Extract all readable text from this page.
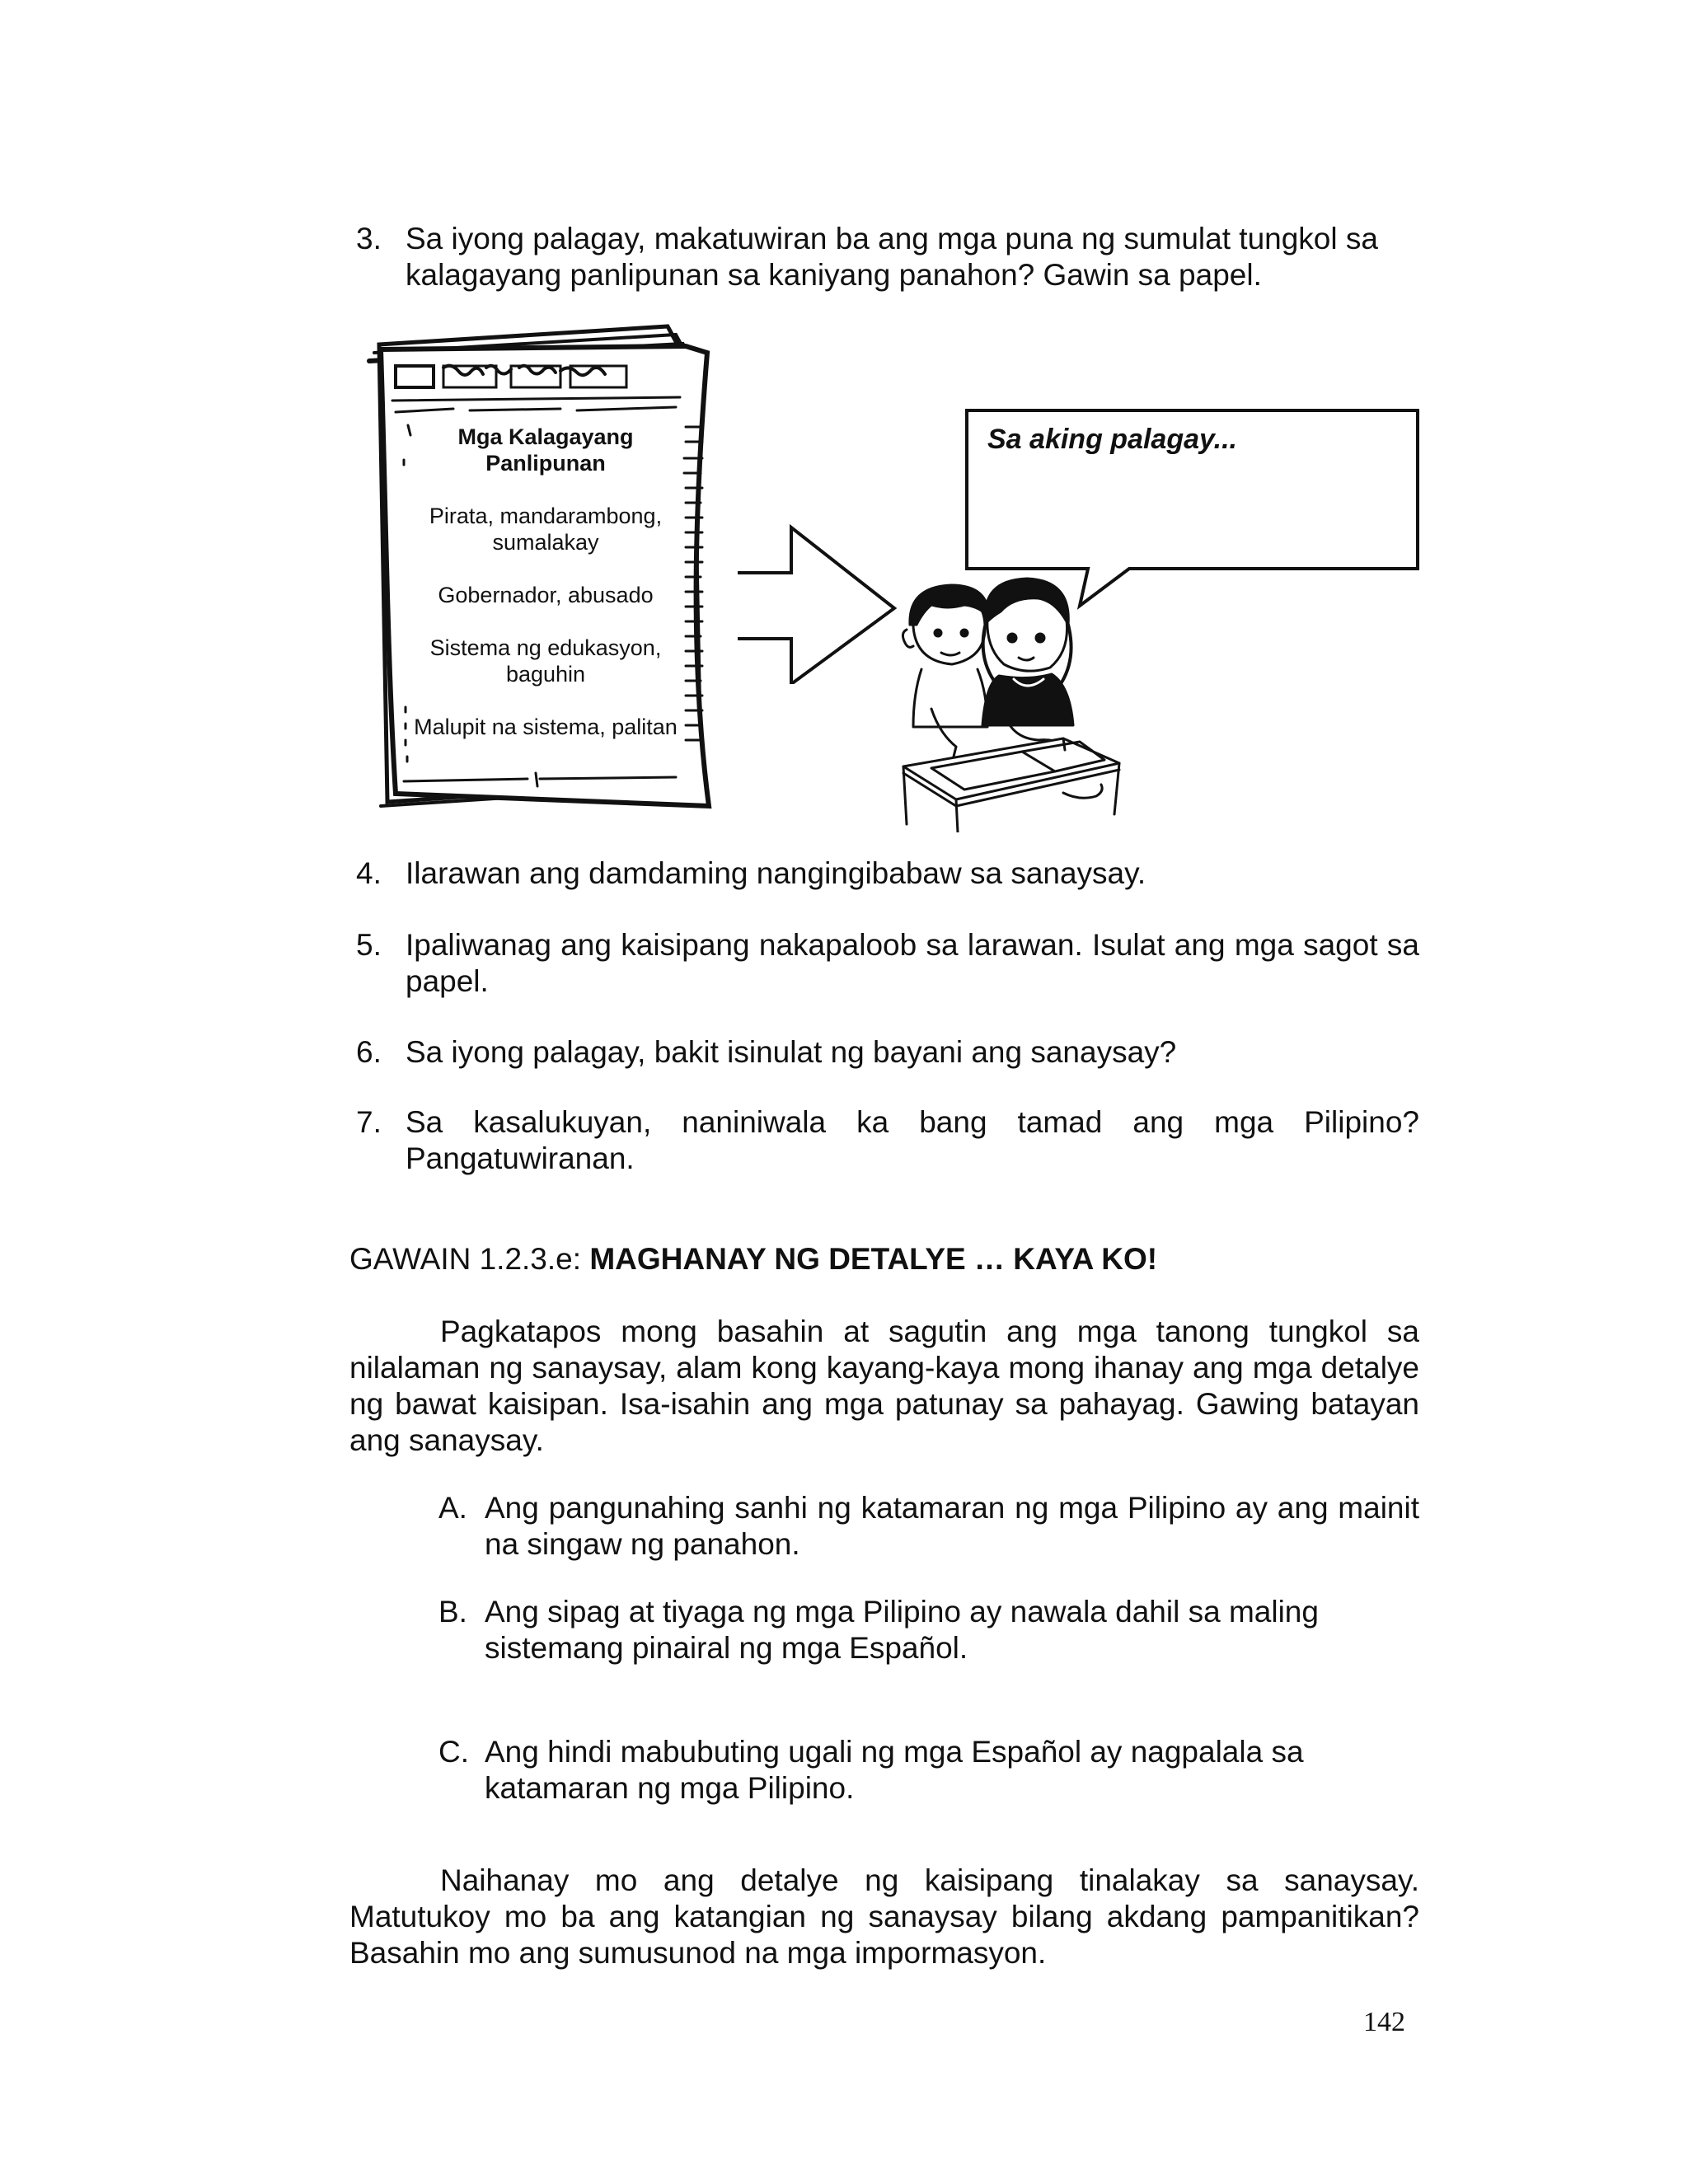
3. Sa iyong palagay, makatuwiran ba ang mga puna ng sumulat tungkol sa kalagayang panlipunan sa kaniyang panahon? Gawin sa papel.
Mga Kalagayang Panlipunan
Pirata, mandarambong, sumalakay
Gobernador, abusado
Sistema ng edukasyon, baguhin
Malupit na sistema, palitan
Sa aking palagay...
4. Ilarawan ang damdaming nangingibabaw sa sanaysay.
5. Ipaliwanag ang kaisipang nakapaloob sa larawan. Isulat ang mga sagot sa papel.
6. Sa iyong palagay, bakit isinulat ng bayani ang sanaysay?
7. Sa kasalukuyan, naniniwala ka bang tamad ang mga Pilipino? Pangatuwiranan.
GAWAIN 1.2.3.e: MAGHANAY NG DETALYE … KAYA KO!
Pagkatapos mong basahin at sagutin ang mga tanong tungkol sa nilalaman ng sanaysay, alam kong kayang-kaya mong ihanay ang mga detalye ng bawat kaisipan. Isa-isahin ang mga patunay sa pahayag. Gawing batayan ang sanaysay.
A. Ang pangunahing sanhi ng katamaran ng mga Pilipino ay ang mainit na singaw ng panahon.
B. Ang sipag at tiyaga ng mga Pilipino ay nawala dahil sa maling sistemang pinairal ng mga Español.
C. Ang hindi mabubuting ugali ng mga Español ay nagpalala sa katamaran ng mga Pilipino.
Naihanay mo ang detalye ng kaisipang tinalakay sa sanaysay. Matutukoy mo ba ang katangian ng sanaysay bilang akdang pampanitikan? Basahin mo ang sumusunod na mga impormasyon.
142
